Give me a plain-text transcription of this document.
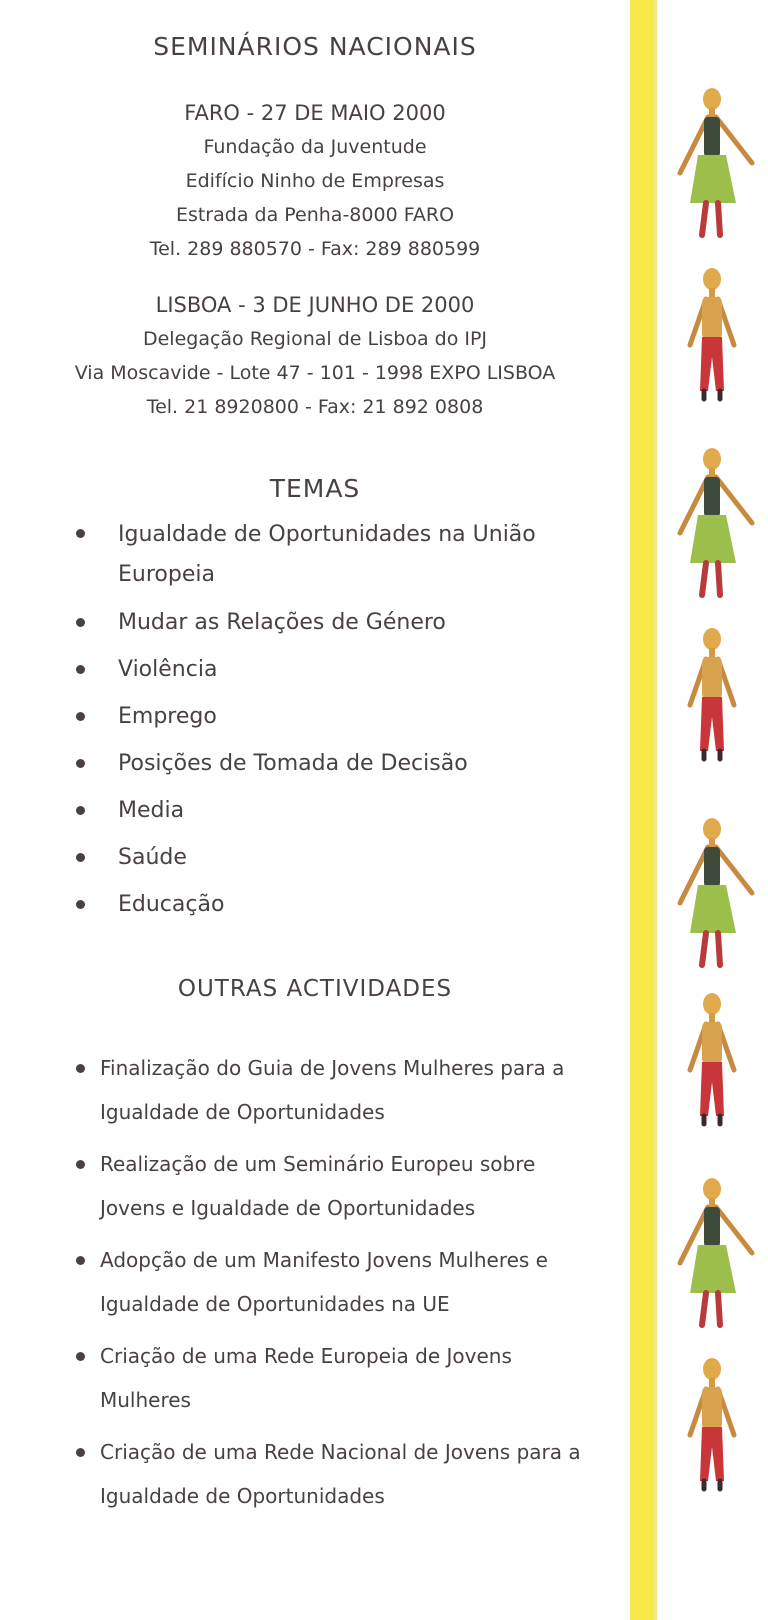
SEMINÁRIOS NACIONAIS
FARO - 27 DE MAIO 2000
Fundação da Juventude
Edifício Ninho de Empresas
Estrada da Penha-8000 FARO
Tel. 289 880570 - Fax: 289 880599
LISBOA - 3 DE JUNHO DE 2000
Delegação Regional de Lisboa do IPJ
Via Moscavide - Lote 47 - 101 - 1998 EXPO LISBOA
Tel. 21 8920800 - Fax: 21 892 0808
TEMAS
Igualdade de Oportunidades na União Europeia
Mudar as Relações de Género
Violência
Emprego
Posições de Tomada de Decisão
Media
Saúde
Educação
OUTRAS ACTIVIDADES
Finalização do Guia de Jovens Mulheres para a Igualdade de Oportunidades
Realização de um Seminário Europeu sobre Jovens e Igualdade de Oportunidades
Adopção de um Manifesto Jovens Mulheres e Igualdade de Oportunidades na UE
Criação de uma Rede Europeia de Jovens Mulheres
Criação de uma Rede Nacional de Jovens para a Igualdade de Oportunidades
